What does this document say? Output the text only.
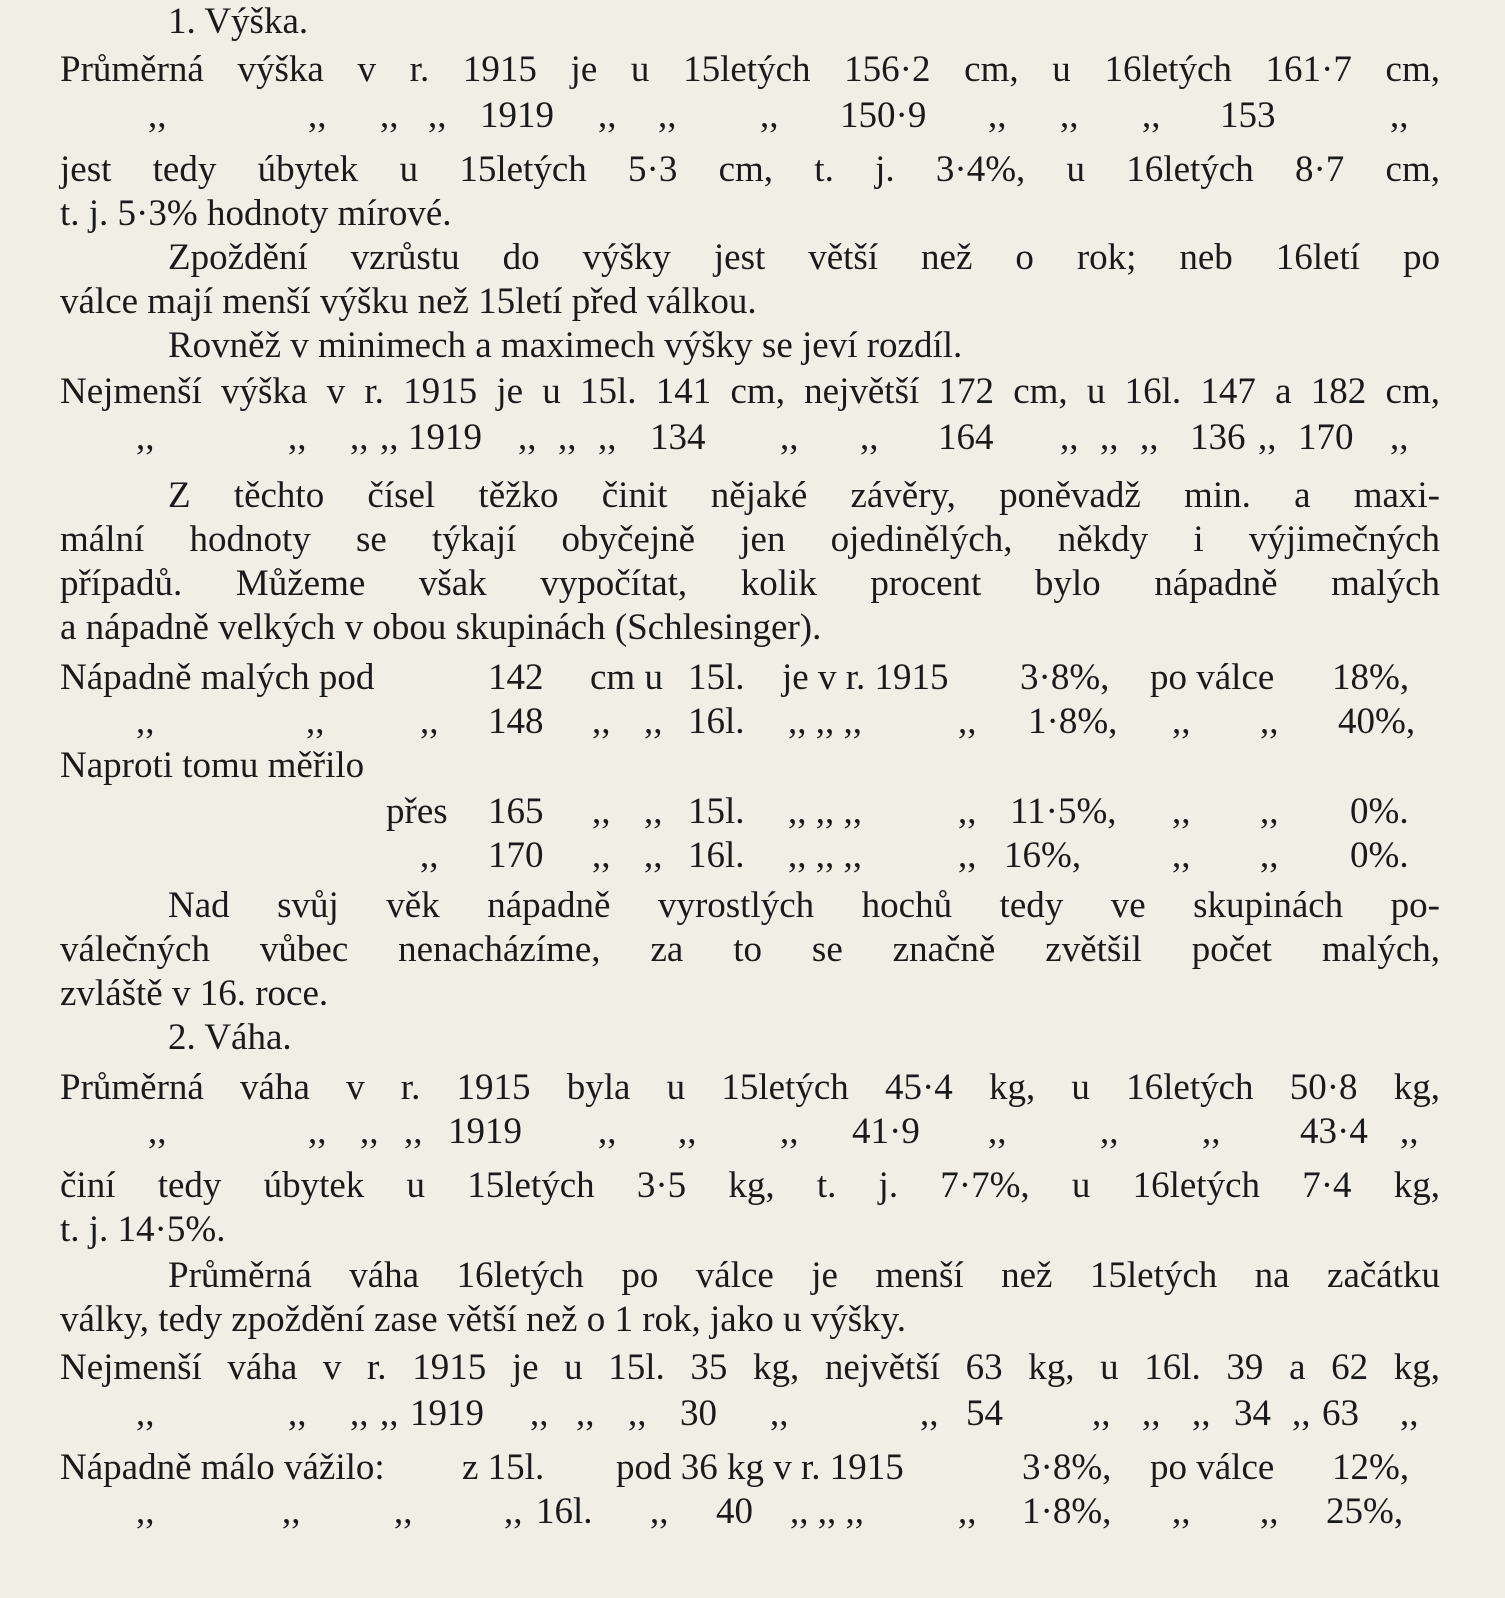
1. Výška.
Průměrná výška v r. 1915 je u 15letých 156·2 cm, u 16letých 161·7 cm,
,,	,, ,, ,, 1919 ,, ,, ,, 150·9 ,, ,, ,, 153	,,
jest tedy úbytek u 15letých 5·3 cm, t. j. 3·4%, u 16letých 8·7 cm,
t. j. 5·3% hodnoty mírové.
Zpoždění vzrůstu do výšky jest větší než o rok; neb 16letí po
válce mají menší výšku než 15letí před válkou.
Rovněž v minimech a maximech výšky se jeví rozdíl.
Nejmenší výška v r. 1915 je u 15l. 141 cm, největší 172 cm, u 16l. 147 a 182 cm,
,,	,, ,, ,, 1919 ,, ,, ,, 134 ,, ,, 164 ,, ,, ,, 136 ,, 170 ,,
Z těchto čísel těžko činit nějaké závěry, poněvadž min. a maxi-
mální hodnoty se týkají obyčejně jen ojedinělých, někdy i výjimečných
případů. Můžeme však vypočítat, kolik procent bylo nápadně malých
a nápadně velkých v obou skupinách (Schlesinger).
Nápadně malých pod	142 cm u 15l. je v r. 1915 3·8%, po válce 18%,
,,	,,	,, 148 ,, ,, 16l. ,, ,, ,,	,, 1·8%, ,, ,, 40%,
Naproti tomu měřilo
přes 165 ,, ,, 15l. ,, ,, ,,	,, 11·5%, ,, ,, 0%.
,, 170 ,, ,, 16l. ,, ,, ,,	,, 16%, ,, ,, 0%.
Nad svůj věk nápadně vyrostlých hochů tedy ve skupinách po-
válečných vůbec nenacházíme, za to se značně zvětšil počet malých,
zvláště v 16. roce.
2. Váha.
Průměrná váha v r. 1915 byla u 15letých 45·4 kg, u 16letých 50·8 kg,
,,	,, ,, ,, 1919 ,, ,, ,, 41·9 ,,	,, ,, 43·4 ,,
činí tedy úbytek u 15letých 3·5 kg, t. j. 7·7%, u 16letých 7·4 kg,
t. j. 14·5%.
Průměrná váha 16letých po válce je menší než 15letých na začátku
války, tedy zpoždění zase větší než o 1 rok, jako u výšky.
Nejmenší váha v r. 1915 je u 15l. 35 kg, největší 63 kg, u 16l. 39 a 62 kg,
,,	,, ,, ,, 1919 ,, ,, ,, 30 ,,	,, 54 ,, ,, ,, 34 ,, 63 ,,
Nápadně málo vážilo: z 15l. pod 36 kg v r. 1915	3·8%, po válce 12%,
,,	,,	,, ,, 16l. ,, 40 ,, ,, ,,	,, 1·8%, ,, ,, 25%,
